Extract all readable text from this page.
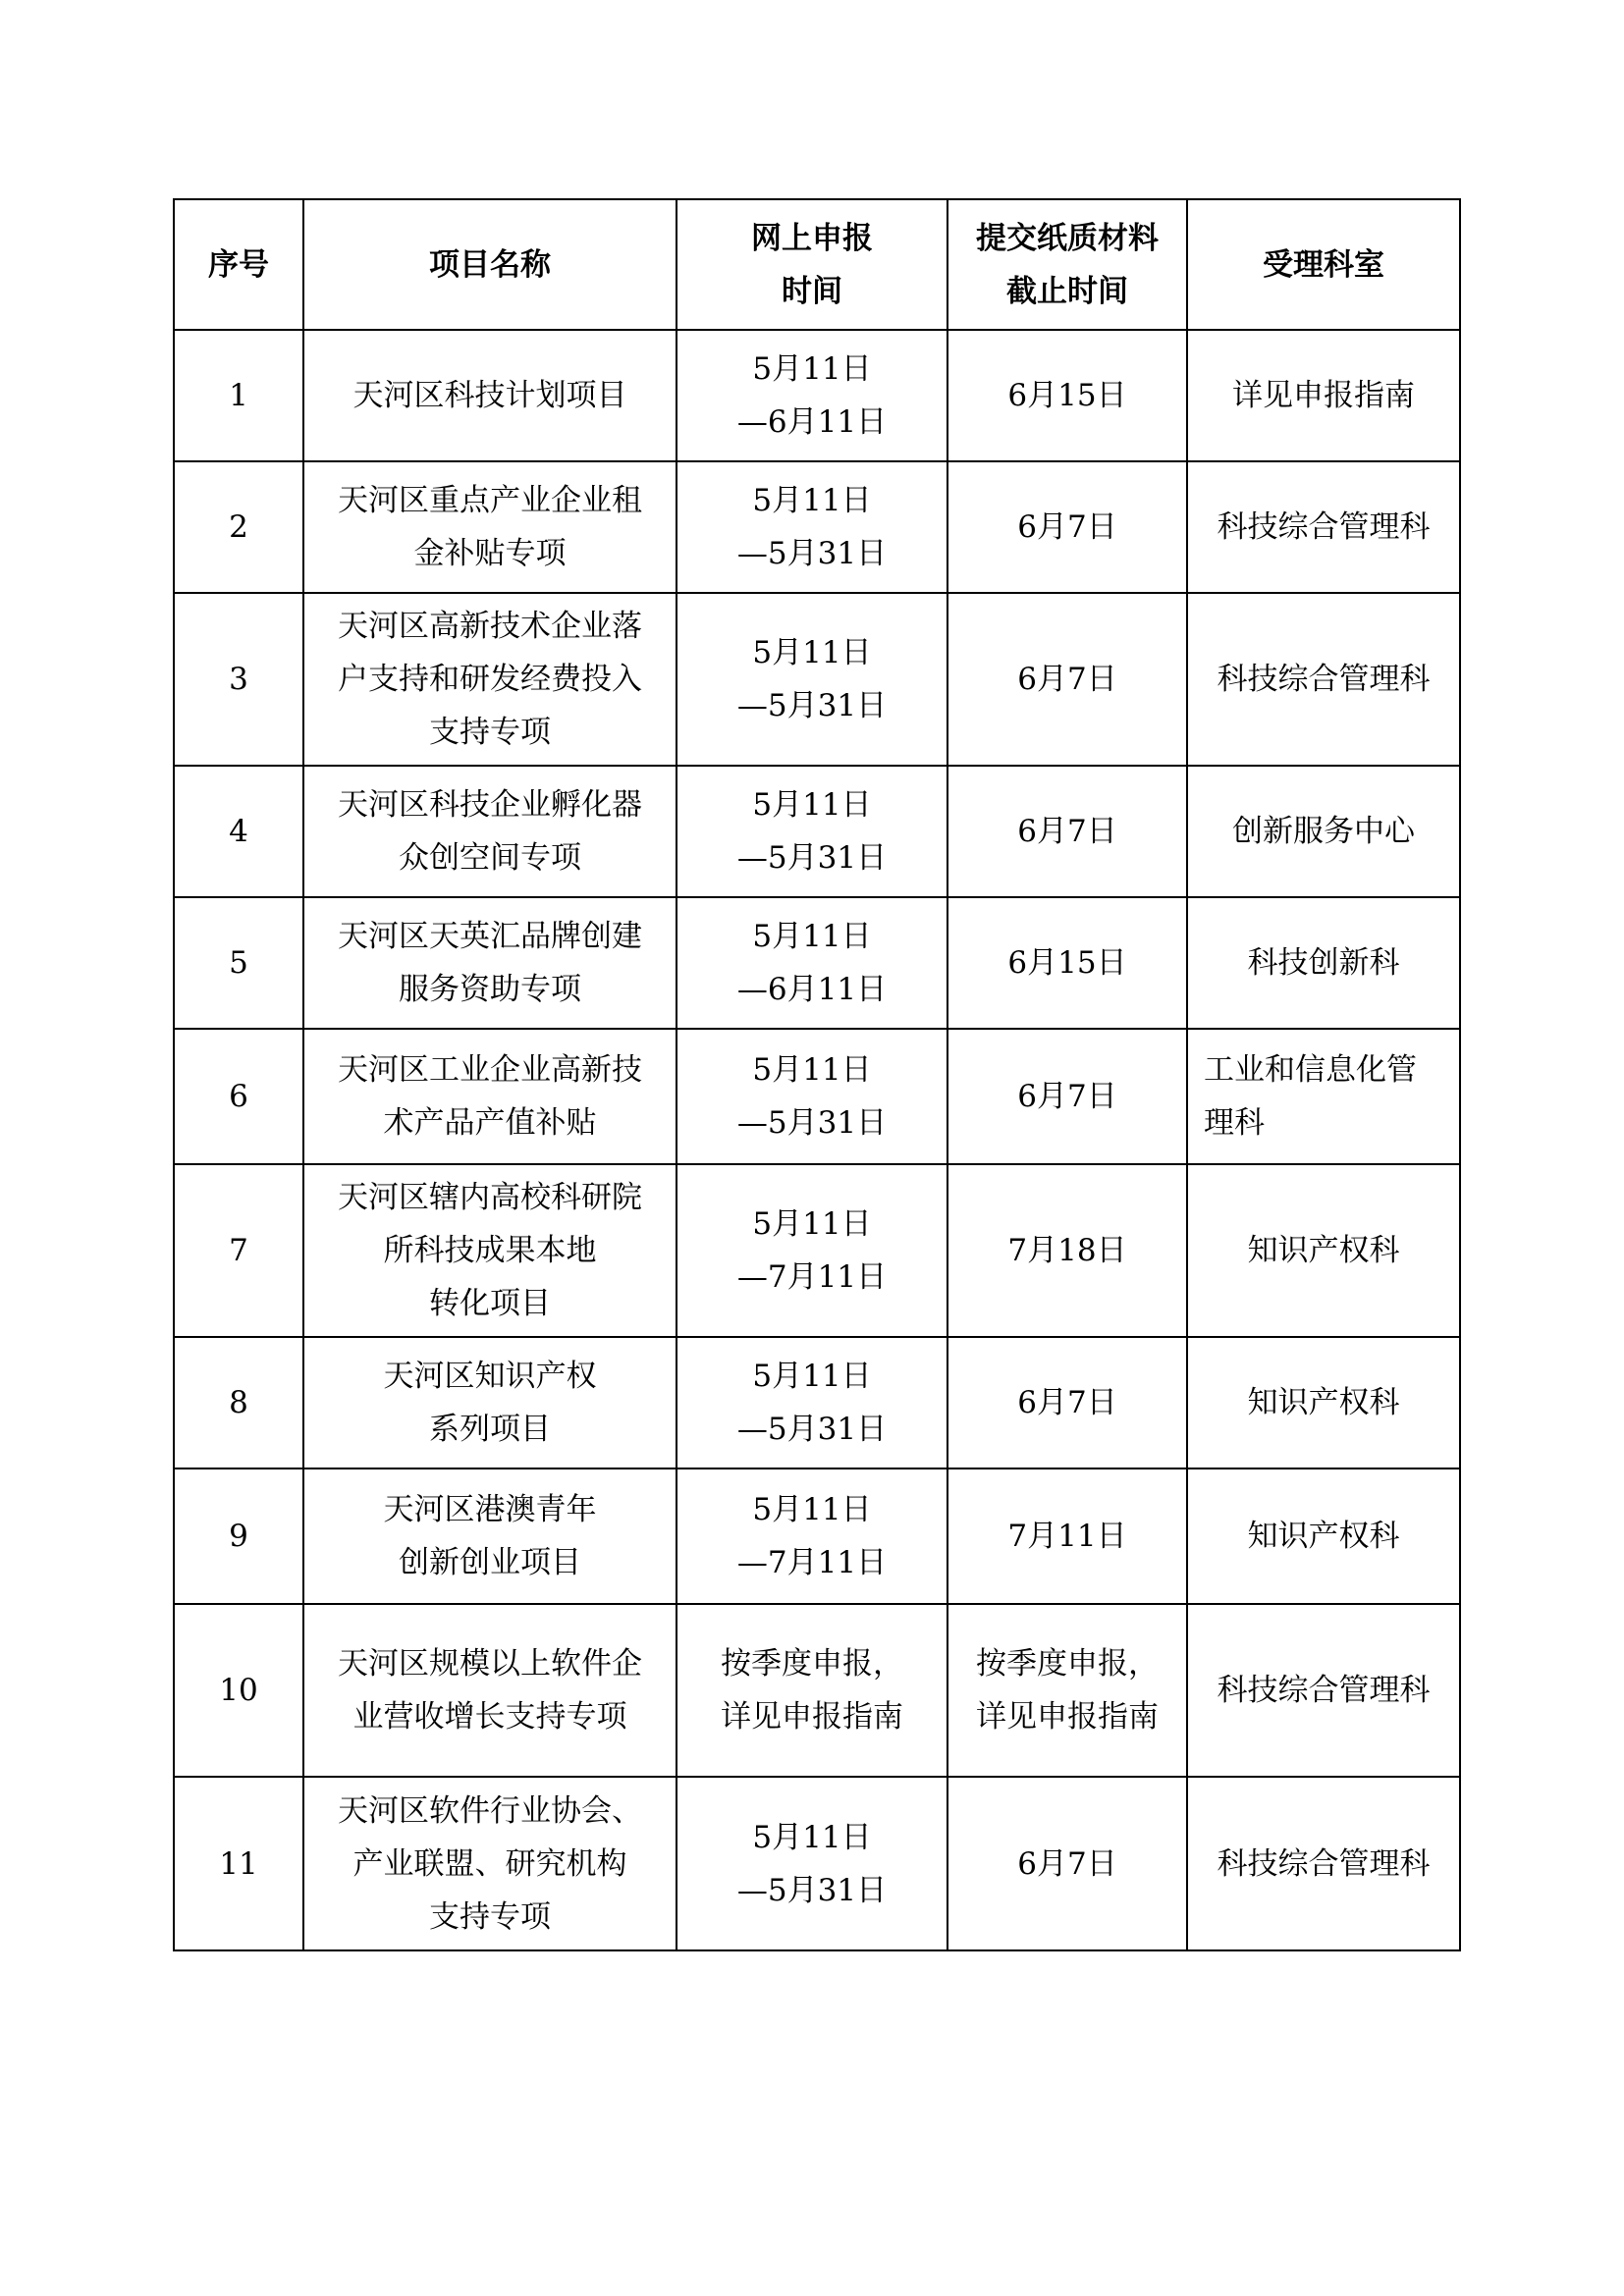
序号	项目名称	网上申报
时间	提交纸质材料
截止时间	受理科室

1	天河区科技计划项目	5月11日
—6月11日	6月15日	详见申报指南

2	天河区重点产业企业租
金补贴专项	5月11日
—5月31日	6月7日	科技综合管理科

3	天河区高新技术企业落
户支持和研发经费投入
支持专项	5月11日
—5月31日	6月7日	科技综合管理科

4	天河区科技企业孵化器
众创空间专项	5月11日
—5月31日	6月7日	创新服务中心

5	天河区天英汇品牌创建
服务资助专项	5月11日
—6月11日	6月15日	科技创新科

6	天河区工业企业高新技
术产品产值补贴	5月11日
—5月31日	6月7日	工业和信息化管
理科

7	天河区辖内高校科研院
所科技成果本地
转化项目	5月11日
—7月11日	7月18日	知识产权科

8	天河区知识产权
系列项目	5月11日
—5月31日	6月7日	知识产权科

9	天河区港澳青年
创新创业项目	5月11日
—7月11日	7月11日	知识产权科

10	天河区规模以上软件企
业营收增长支持专项	按季度申报，
详见申报指南	按季度申报，
详见申报指南	科技综合管理科

11	天河区软件行业协会、
产业联盟、研究机构
支持专项	5月11日
—5月31日	6月7日	科技综合管理科
